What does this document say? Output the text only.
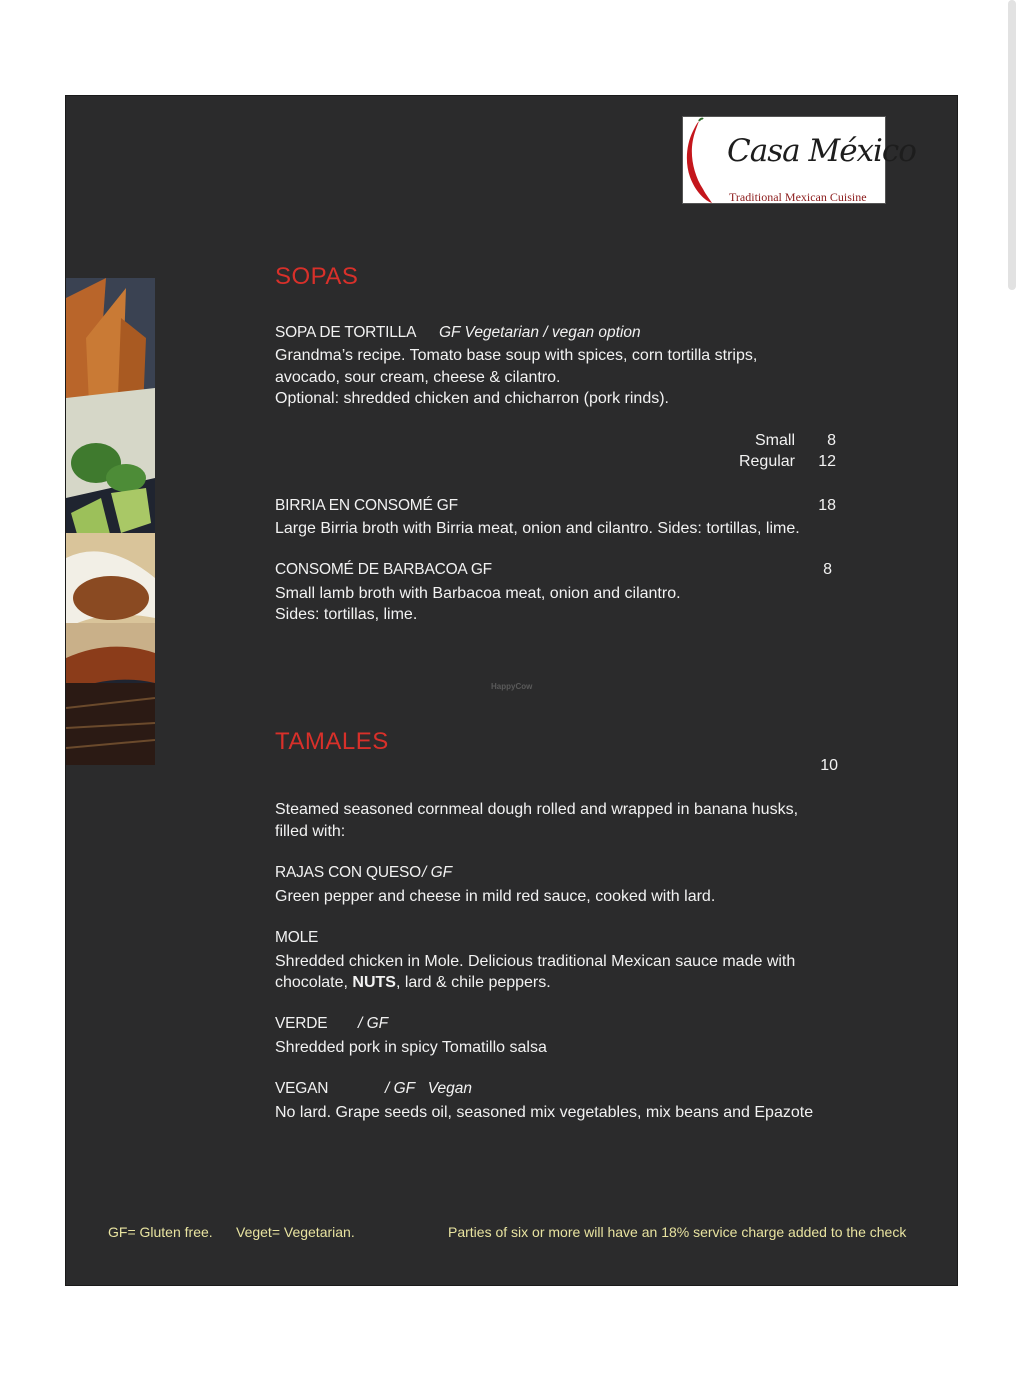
Casa México
Traditional Mexican Cuisine
SOPAS
SOPA DE TORTILLA GF Vegetarian / vegan option
Grandma’s recipe. Tomato base soup with spices, corn tortilla strips,
avocado, sour cream, cheese & cilantro.
Optional: shredded chicken and chicharron (pork rinds).
Small 8
Regular 12
BIRRIA EN CONSOMÉ GF	18
Large Birria broth with Birria meat, onion and cilantro. Sides: tortillas, lime.
CONSOMÉ DE BARBACOA GF	8
Small lamb broth with Barbacoa meat, onion and cilantro.
Sides: tortillas, lime.
HappyCow
TAMALES
10
Steamed seasoned cornmeal dough rolled and wrapped in banana husks,
filled with:
RAJAS CON QUESO / GF
Green pepper and cheese in mild red sauce, cooked with lard.
MOLE
Shredded chicken in Mole. Delicious traditional Mexican sauce made with
chocolate, NUTS, lard & chile peppers.
VERDE / GF
Shredded pork in spicy Tomatillo salsa
VEGAN	/ GF   Vegan
No lard. Grape seeds oil, seasoned mix vegetables, mix beans and Epazote
GF= Gluten free. Veget= Vegetarian.	Parties of six or more will have an 18% service charge added to the check
